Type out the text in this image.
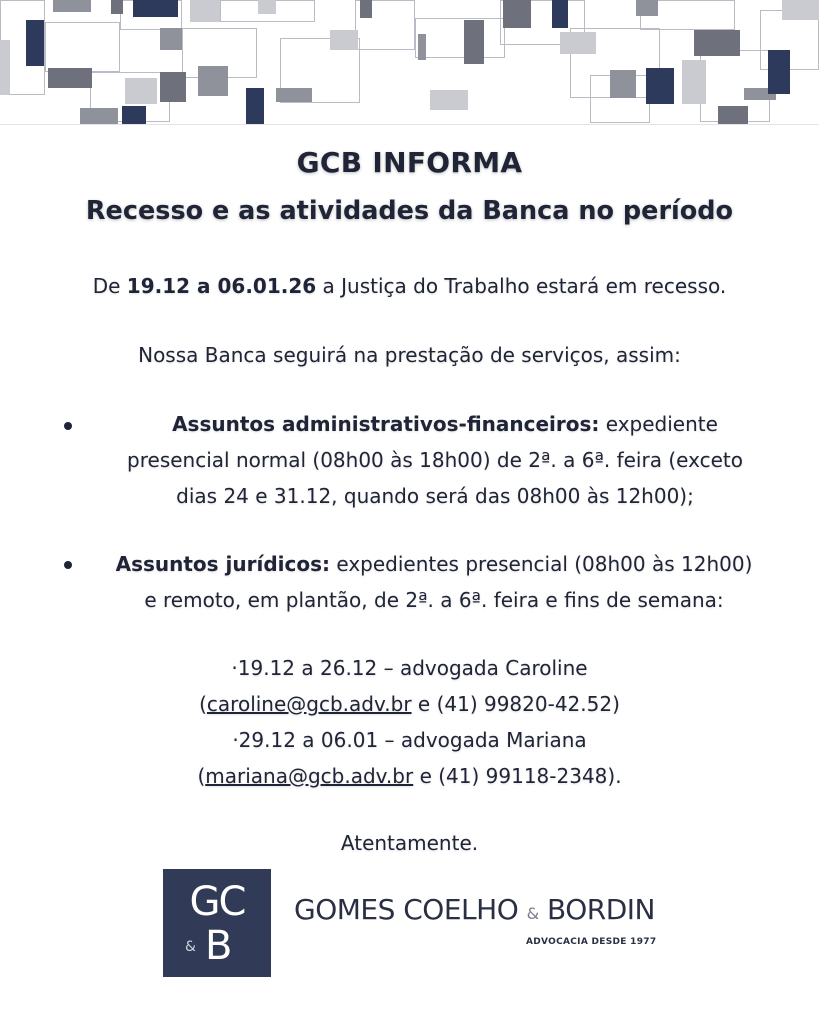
GCB INFORMA
Recesso e as atividades da Banca no período
De 19.12 a 06.01.26 a Justiça do Trabalho estará em recesso.
Nossa Banca seguirá na prestação de serviços, assim:
Assuntos administrativos-financeiros: expediente
presencial normal (08h00 às 18h00) de 2ª. a 6ª. feira (exceto
dias 24 e 31.12, quando será das 08h00 às 12h00);
Assuntos jurídicos: expedientes presencial (08h00 às 12h00)
e remoto, em plantão, de 2ª. a 6ª. feira e fins de semana:
·19.12 a 26.12 – advogada Caroline
(caroline@gcb.adv.br e (41) 99820-42.52)
·29.12 a 06.01 – advogada Mariana
(mariana@gcb.adv.br e (41) 99118-2348).
Atentamente.
GC
& B
GOMES COELHO & BORDIN
ADVOCACIA DESDE 1977
